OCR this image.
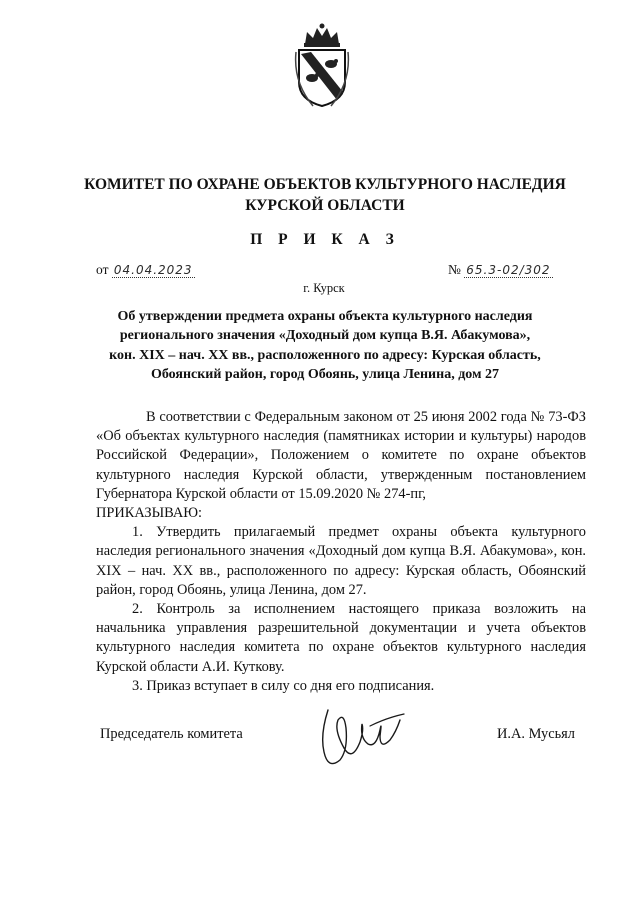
КОМИТЕТ ПО ОХРАНЕ ОБЪЕКТОВ КУЛЬТУРНОГО НАСЛЕДИЯ
КУРСКОЙ ОБЛАСТИ
П Р И К А З
от 04.04.2023	№ 65.3-02/302
г. Курск
Об утверждении предмета охраны объекта культурного наследия
регионального значения «Доходный дом купца В.Я. Абакумова»,
кон. XIX – нач. XX вв., расположенного по адресу: Курская область,
Обоянский район, город Обоянь, улица Ленина, дом 27

В соответствии с Федеральным законом от 25 июня 2002 года № 73-ФЗ «Об объектах культурного наследия (памятниках истории и культуры) народов Российской Федерации», Положением о комитете по охране объектов культурного наследия Курской области, утвержденным постановлением Губернатора Курской области от 15.09.2020 № 274-пг,

ПРИКАЗЫВАЮ:

1. Утвердить прилагаемый предмет охраны объекта культурного наследия регионального значения «Доходный дом купца В.Я. Абакумова», кон. XIX – нач. XX вв., расположенного по адресу: Курская область, Обоянский район, город Обоянь, улица Ленина, дом 27.

2. Контроль за исполнением настоящего приказа возложить на начальника управления разрешительной документации и учета объектов культурного наследия комитета по охране объектов культурного наследия Курской области А.И. Куткову.

3. Приказ вступает в силу со дня его подписания.

Председатель комитета	И.А. Мусьял
